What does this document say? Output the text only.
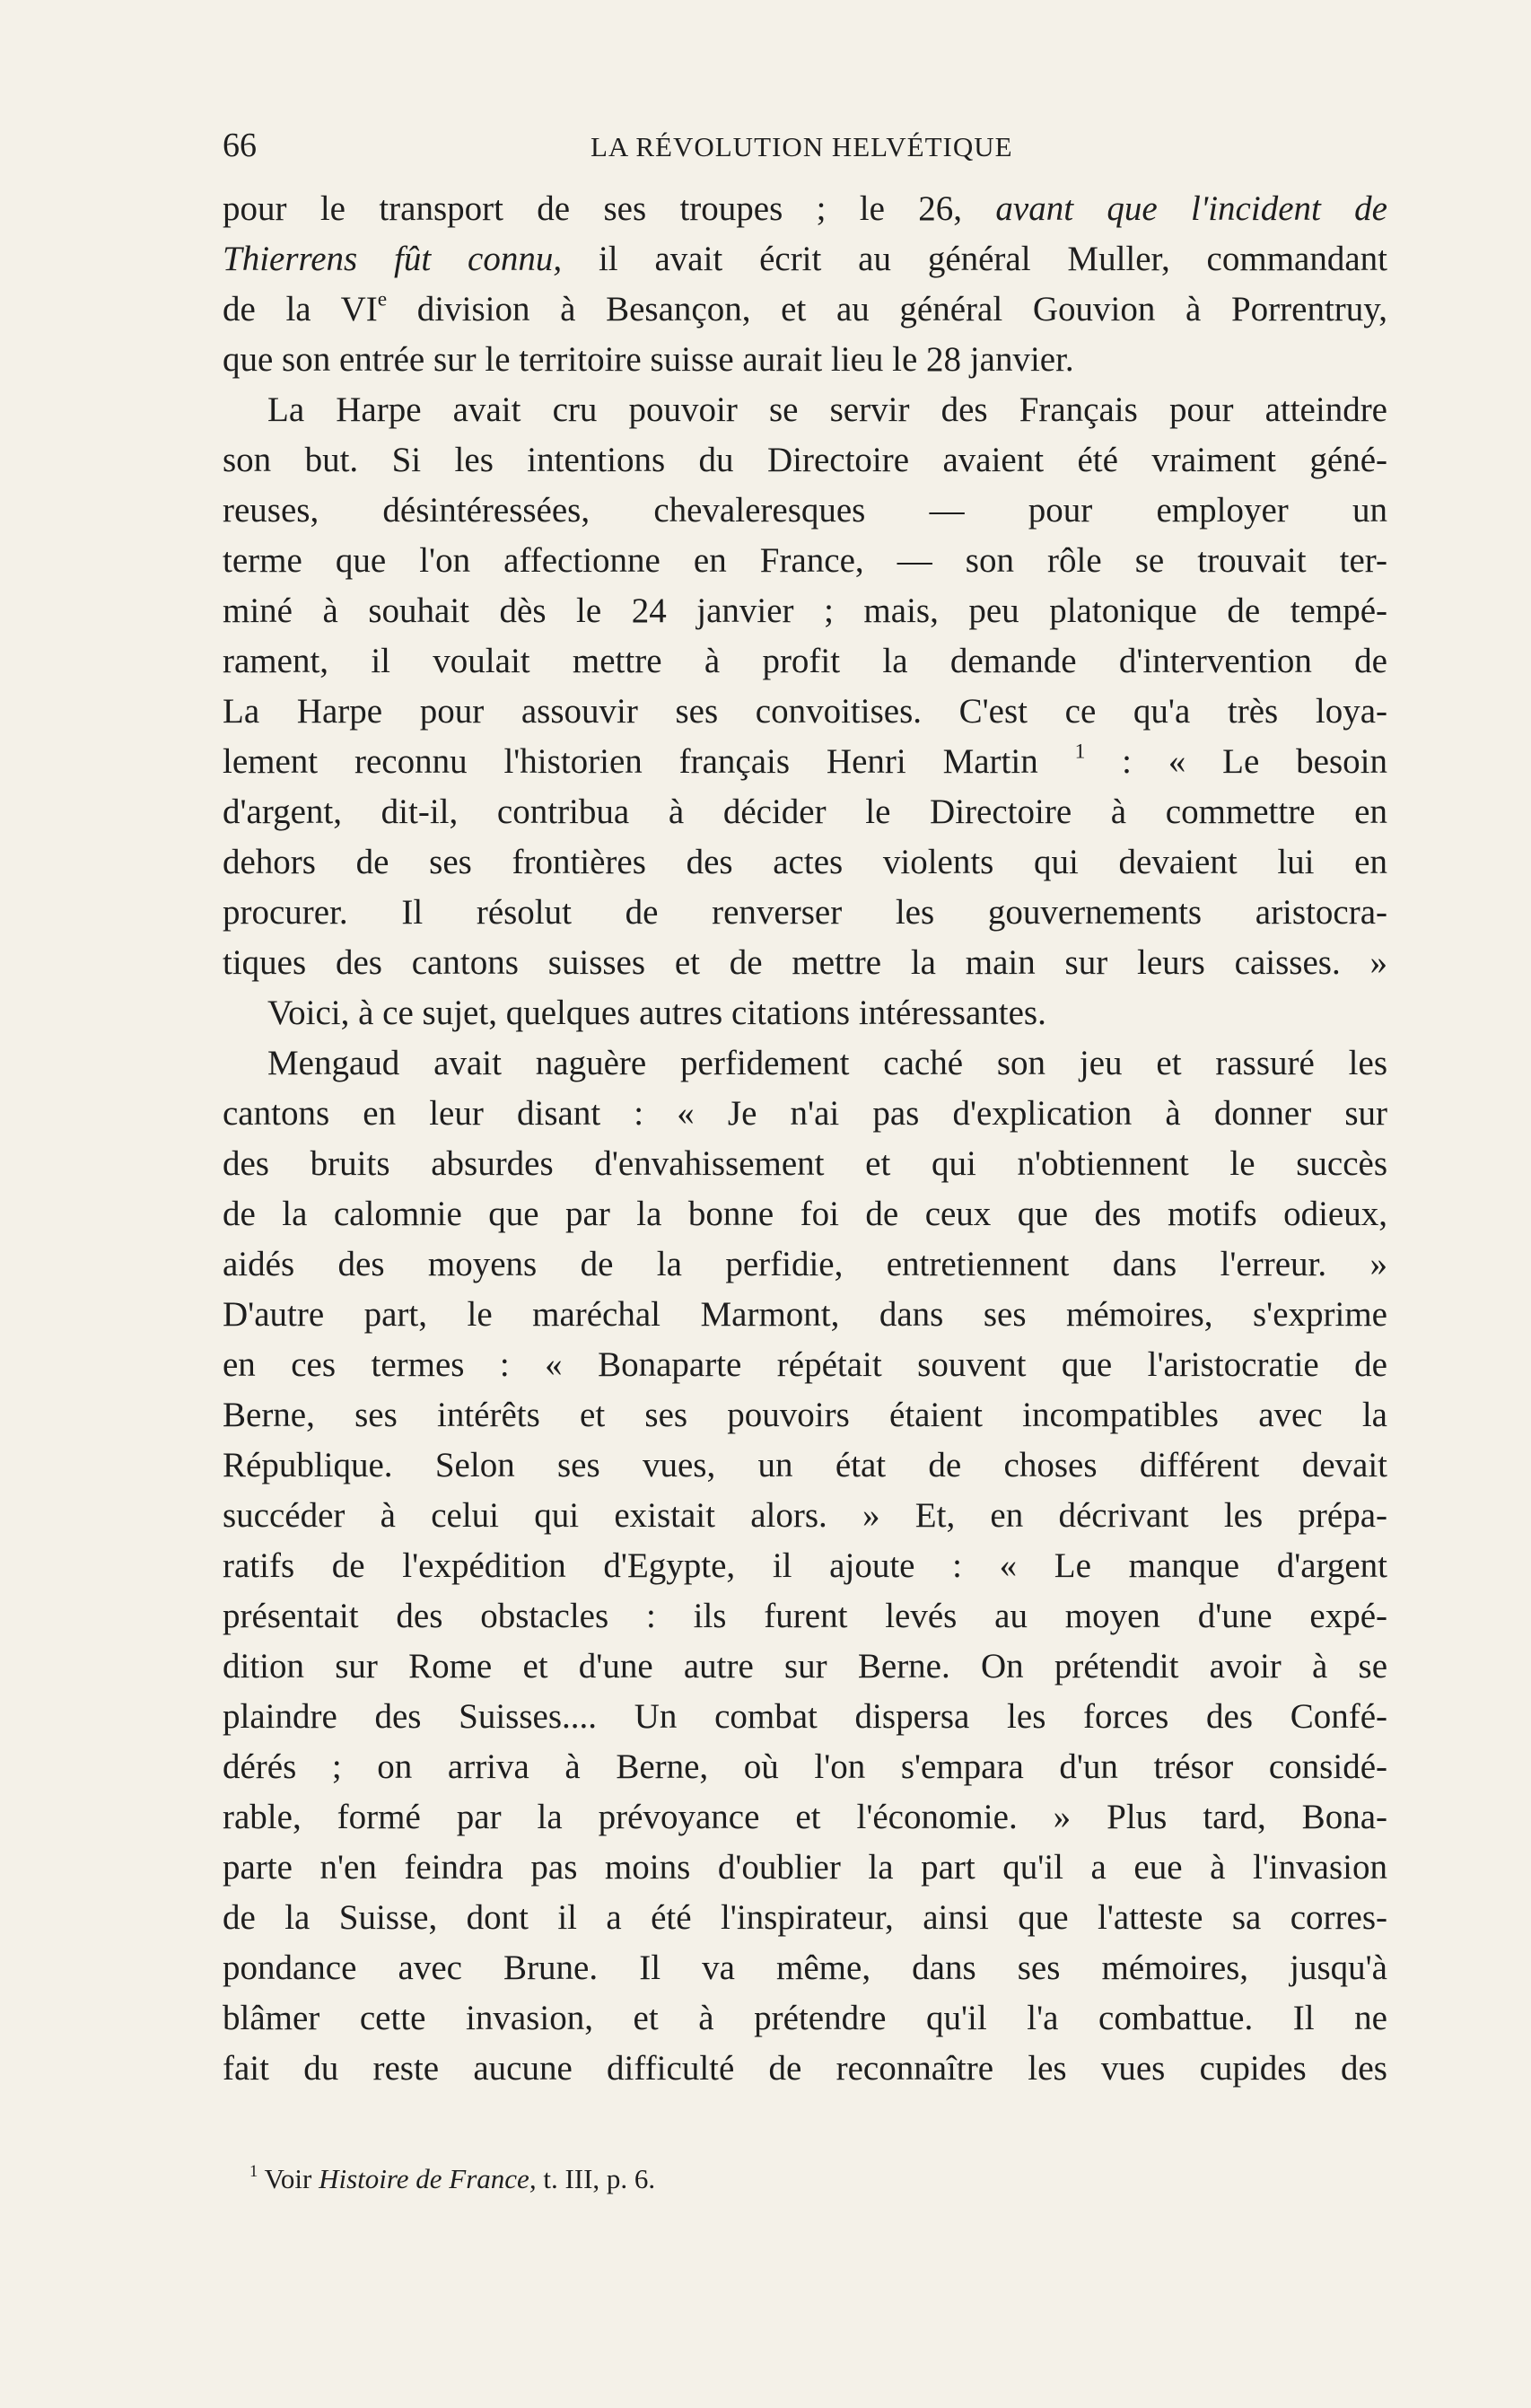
66	LA RÉVOLUTION HELVÉTIQUE
pour le transport de ses troupes ; le 26, avant que l'incident de
Thierrens fût connu, il avait écrit au général Muller, commandant
de la VIe division à Besançon, et au général Gouvion à Porrentruy,
que son entrée sur le territoire suisse aurait lieu le 28 janvier.
La Harpe avait cru pouvoir se servir des Français pour atteindre
son but. Si les intentions du Directoire avaient été vraiment géné-
reuses, désintéressées, chevaleresques — pour employer un
terme que l'on affectionne en France, — son rôle se trouvait ter-
miné à souhait dès le 24 janvier ; mais, peu platonique de tempé-
rament, il voulait mettre à profit la demande d'intervention de
La Harpe pour assouvir ses convoitises. C'est ce qu'a très loya-
lement reconnu l'historien français Henri Martin $^1$ : « Le besoin
d'argent, dit-il, contribua à décider le Directoire à commettre en
dehors de ses frontières des actes violents qui devaient lui en
procurer. Il résolut de renverser les gouvernements aristocra-
tiques des cantons suisses et de mettre la main sur leurs caisses. »
Voici, à ce sujet, quelques autres citations intéressantes.
Mengaud avait naguère perfidement caché son jeu et rassuré les
cantons en leur disant : « Je n'ai pas d'explication à donner sur
des bruits absurdes d'envahissement et qui n'obtiennent le succès
de la calomnie que par la bonne foi de ceux que des motifs odieux,
aidés des moyens de la perfidie, entretiennent dans l'erreur. »
D'autre part, le maréchal Marmont, dans ses mémoires, s'exprime
en ces termes : « Bonaparte répétait souvent que l'aristocratie de
Berne, ses intérêts et ses pouvoirs étaient incompatibles avec la
République. Selon ses vues, un état de choses différent devait
succéder à celui qui existait alors. » Et, en décrivant les prépa-
ratifs de l'expédition d'Egypte, il ajoute : « Le manque d'argent
présentait des obstacles : ils furent levés au moyen d'une expé-
dition sur Rome et d'une autre sur Berne. On prétendit avoir à se
plaindre des Suisses.... Un combat dispersa les forces des Confé-
dérés ; on arriva à Berne, où l'on s'empara d'un trésor considé-
rable, formé par la prévoyance et l'économie. » Plus tard, Bona-
parte n'en feindra pas moins d'oublier la part qu'il a eue à l'invasion
de la Suisse, dont il a été l'inspirateur, ainsi que l'atteste sa corres-
pondance avec Brune. Il va même, dans ses mémoires, jusqu'à
blâmer cette invasion, et à prétendre qu'il l'a combattue. Il ne
fait du reste aucune difficulté de reconnaître les vues cupides des
$^1$ Voir Histoire de France, t. III, p. 6.
